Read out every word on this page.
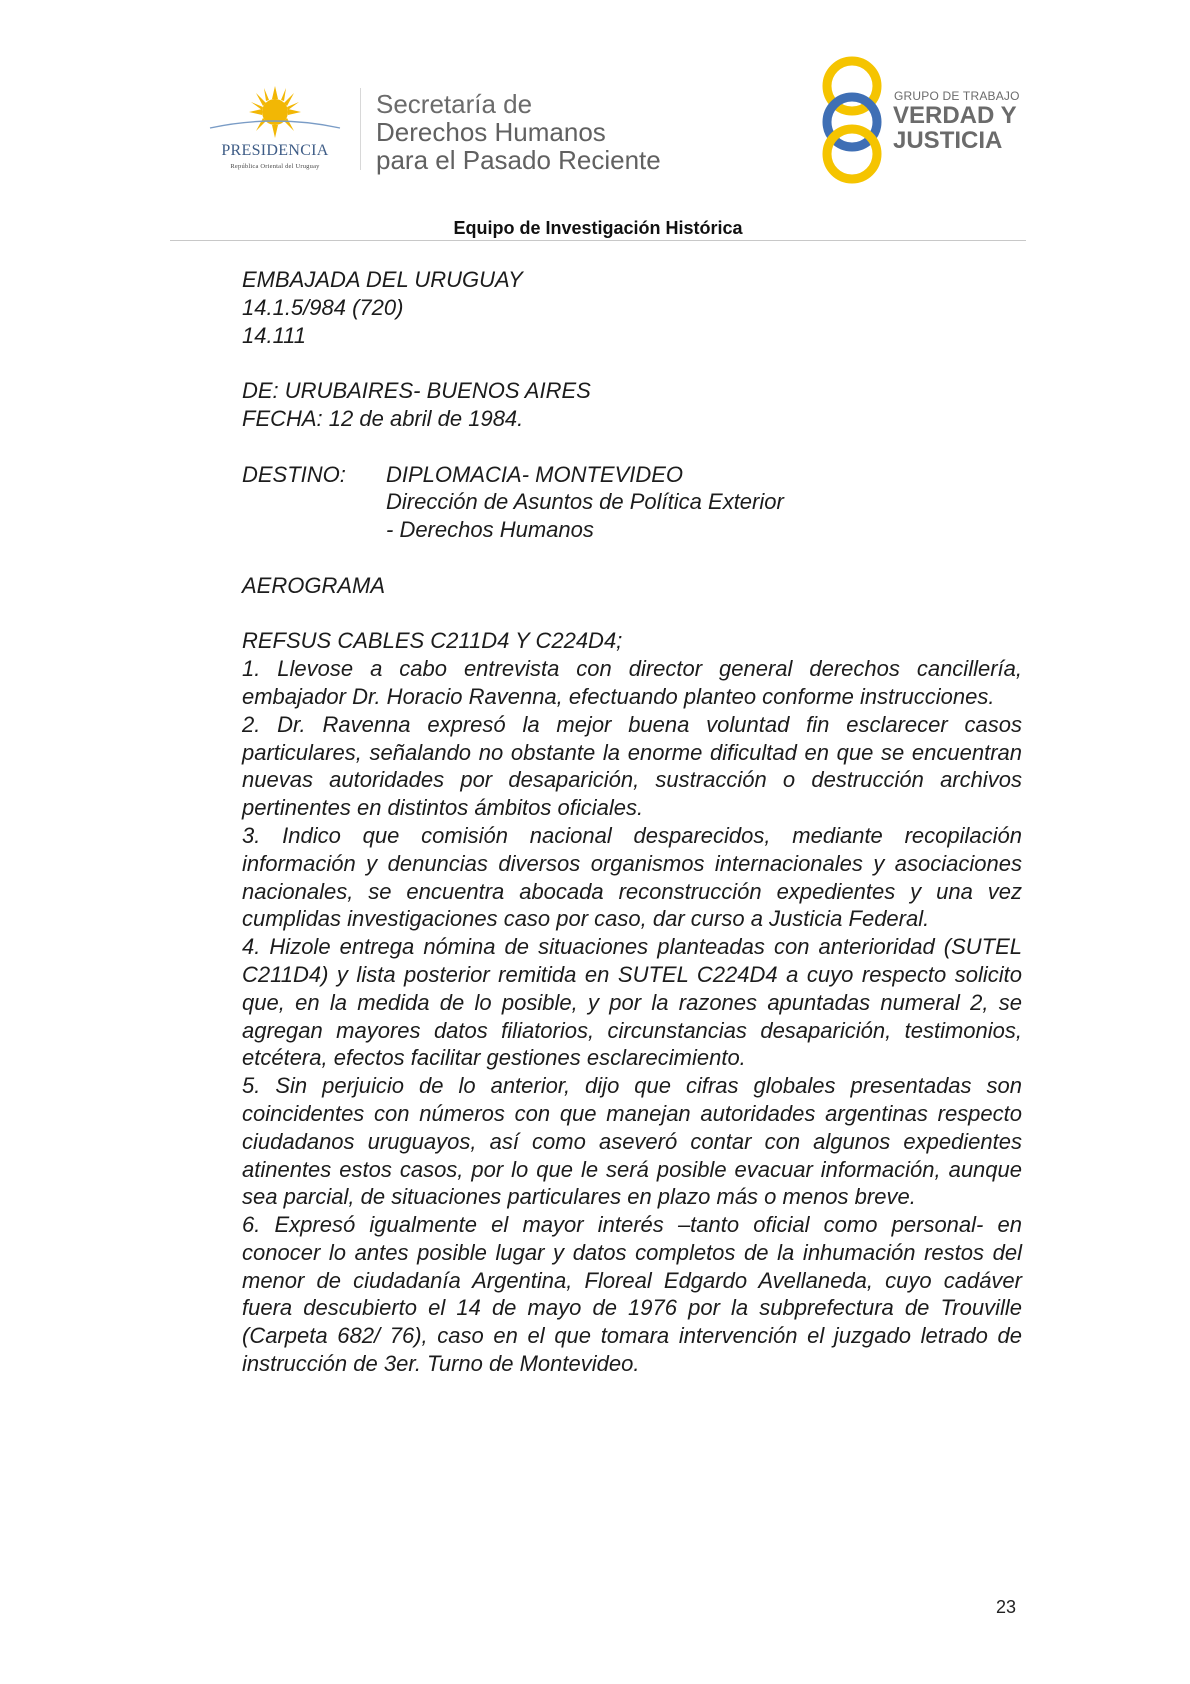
PRESIDENCIA
República Oriental del Uruguay
Secretaría de
Derechos Humanos
para el Pasado Reciente
GRUPO DE TRABAJO
VERDAD Y
JUSTICIA
Equipo de Investigación Histórica

EMBAJADA DEL URUGUAY

14.1.5/984 (720)

14.111

DE: URUBAIRES- BUENOS AIRES

FECHA: 12 de abril de 1984.

DESTINO:	DIPLOMACIA- MONTEVIDEO
Dirección de Asuntos de Política Exterior
- Derechos Humanos

AEROGRAMA

REFSUS CABLES C211D4 Y C224D4;

1. Llevose a cabo entrevista con director general derechos cancillería, embajador Dr. Horacio Ravenna, efectuando planteo conforme instrucciones.

2. Dr. Ravenna expresó la mejor buena voluntad fin esclarecer casos particulares, señalando no obstante la enorme dificultad en que se encuentran nuevas autoridades por desaparición, sustracción o destrucción archivos pertinentes en distintos ámbitos oficiales.

3. Indico que comisión nacional desparecidos, mediante recopilación información y denuncias diversos organismos internacionales y asociaciones nacionales, se encuentra abocada reconstrucción expedientes y una vez cumplidas investigaciones caso por caso, dar curso a Justicia Federal.

4. Hizole entrega nómina de situaciones planteadas con anterioridad (SUTEL C211D4) y lista posterior remitida en SUTEL C224D4 a cuyo respecto solicito que, en la medida de lo posible, y por la razones apuntadas numeral 2, se agregan mayores datos filiatorios, circunstancias desaparición, testimonios, etcétera, efectos facilitar gestiones esclarecimiento.

5. Sin perjuicio de lo anterior, dijo que cifras globales presentadas son coincidentes con números con que manejan autoridades argentinas respecto ciudadanos uruguayos, así como aseveró contar con algunos expedientes atinentes estos casos, por lo que le será posible evacuar información, aunque sea parcial, de situaciones particulares en plazo más o menos breve.

6. Expresó igualmente el mayor interés –tanto oficial como personal- en conocer lo antes posible lugar y datos completos de la inhumación restos del menor de ciudadanía Argentina, Floreal Edgardo Avellaneda, cuyo cadáver fuera descubierto el 14 de mayo de 1976 por la subprefectura de Trouville (Carpeta 682/ 76), caso en el que tomara intervención el juzgado letrado de instrucción de 3er. Turno de Montevideo.

23
